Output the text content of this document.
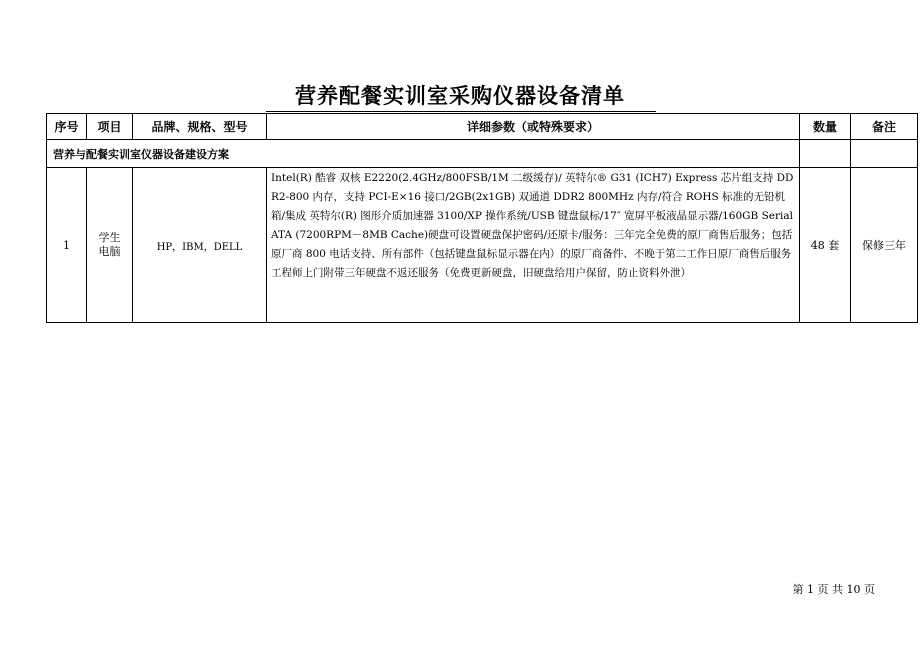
营养配餐实训室采购仪器设备清单
序号	项目	品牌、规格、型号	详细参数（或特殊要求）	数量	备注
营养与配餐实训室仪器设备建设方案					
1	学生电脑	HP，IBM，DELL	Intel(R) 酷睿 双核 E2220(2.4GHz/800FSB/1M 二级缓存)/ 英特尔® G31 (ICH7) Express 芯片组支持 DDR2-800 内存，支持 PCI-E×16 接口/2GB(2x1GB) 双通道 DDR2 800MHz 内存/符合 ROHS 标准的无铅机箱/集成 英特尔(R) 图形介质加速器 3100/XP 操作系统/USB 键盘鼠标/17″ 宽屏平板液晶显示器/160GB Serial ATA (7200RPM－8MB Cache)硬盘可设置硬盘保护密码/还原卡/服务：三年完全免费的原厂商售后服务；包括原厂商 800 电话支持、所有部件（包括键盘鼠标显示器在内）的原厂商备件、不晚于第二工作日原厂商售后服务工程师上门附带三年硬盘不返还服务（免费更新硬盘，旧硬盘给用户保留，防止资料外泄）	48 套	保修三年
第 1 页 共 10 页
